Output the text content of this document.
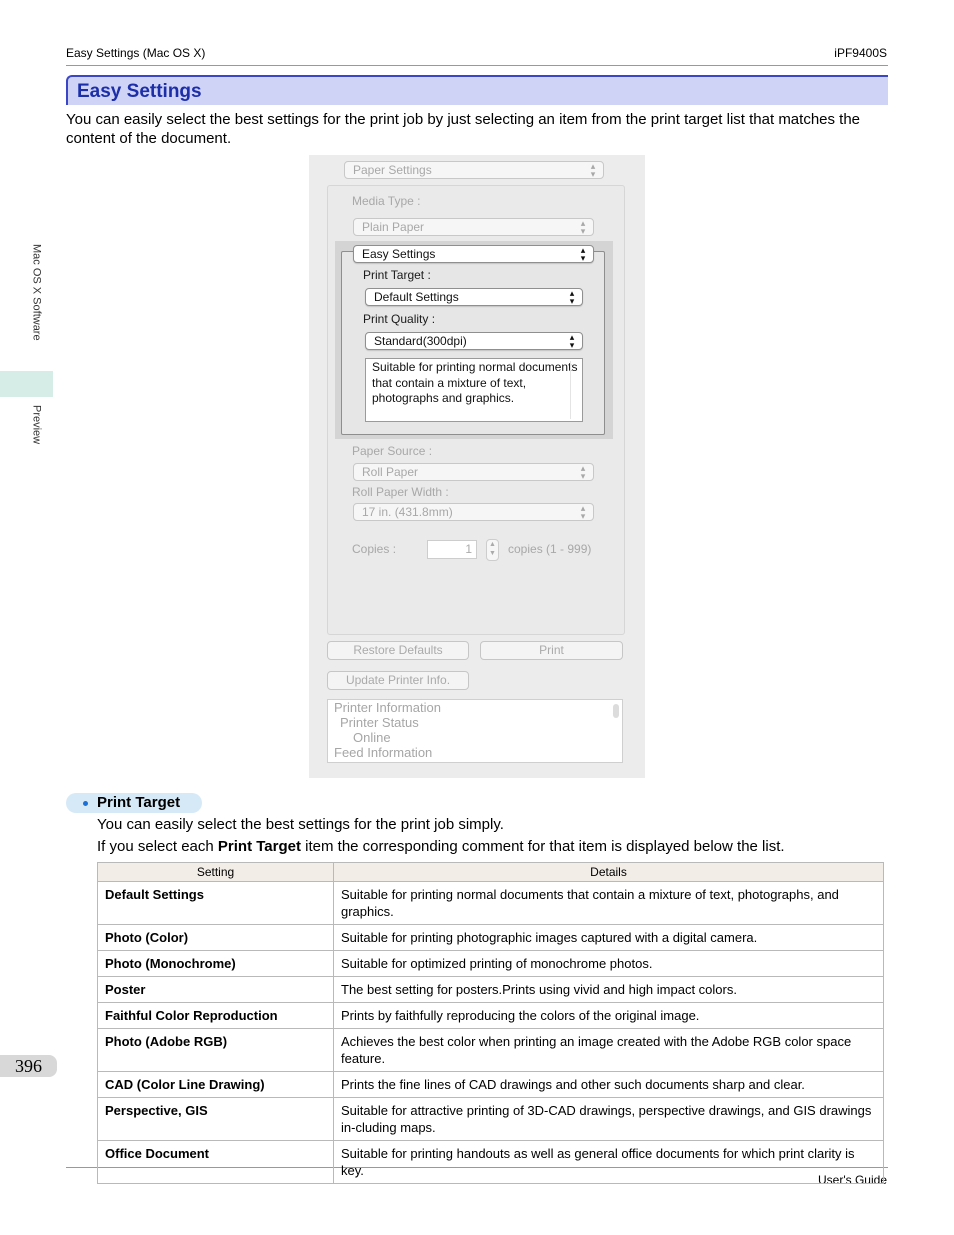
Easy Settings (Mac OS X)	iPF9400S
User's Guide
Mac OS X Software
Preview
396
Easy Settings
You can easily select the best settings for the print job by just selecting an item from the print target list that matches the content of the document.
Paper Settings	▴
▾
Media Type :
Plain Paper	▴
▾
Easy Settings	▴
▾
Print Target :
Default Settings	▴
▾
Print Quality :
Standard(300dpi)	▴
▾
Suitable for printing normal documents that contain a mixture of text, photographs and graphics.
Paper Source :
Roll Paper	▴
▾
Roll Paper Width :
17 in. (431.8mm)	▴
▾
Copies :	1	▲
▼ copies (1 - 999)
Restore Defaults	Print
Update Printer Info.
Printer Information
Printer Status
Online
Feed Information
Print Target
You can easily select the best settings for the print job simply.
If you select each Print Target item the corresponding comment for that item is displayed below the list.
Setting	Details
Default Settings	Suitable for printing normal documents that contain a mixture of text, photographs, and graphics.
Photo (Color)	Suitable for printing photographic images captured with a digital camera.
Photo (Monochrome)	Suitable for optimized printing of monochrome photos.
Poster	The best setting for posters.Prints using vivid and high impact colors.
Faithful Color Reproduction	Prints by faithfully reproducing the colors of the original image.
Photo (Adobe RGB)	Achieves the best color when printing an image created with the Adobe RGB color space feature.
CAD (Color Line Drawing)	Prints the fine lines of CAD drawings and other such documents sharp and clear.
Perspective, GIS	Suitable for attractive printing of 3D-CAD drawings, perspective drawings, and GIS drawings in-cluding maps.
Office Document	Suitable for printing handouts as well as general office documents for which print clarity is key.
